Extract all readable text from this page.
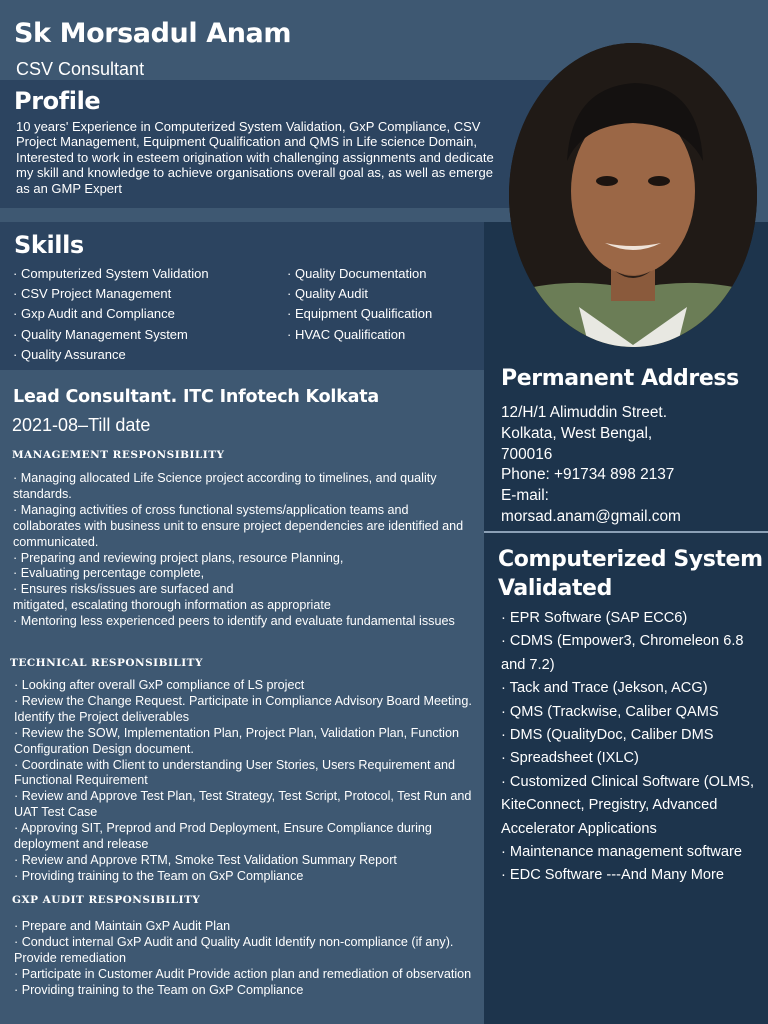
Sk Morsadul Anam

CSV Consultant

Profile

10 years' Experience in Computerized System Validation, GxP Compliance, CSV Project Management, Equipment Qualification and QMS in Life science Domain, Interested to work in esteem origination with challenging assignments and dedicate my skill and knowledge to achieve organisations overall goal as, as well as emerge as an GMP Expert

Skills
· Computerized System Validation
· CSV Project Management
· Gxp Audit and Compliance
· Quality Management System
· Quality Assurance
· Quality Documentation
· Quality Audit
· Equipment Qualification
· HVAC Qualification
Lead Consultant. ITC Infotech Kolkata

2021-08–Till date

MANAGEMENT RESPONSIBILITY
· Managing allocated Life Science project according to timelines, and quality standards.
· Managing activities of cross functional systems/application teams and collaborates with business unit to ensure project dependencies are identified and communicated.
· Preparing and reviewing project plans, resource Planning,
· Evaluating percentage complete,
· Ensures risks/issues are surfaced and
mitigated, escalating thorough information as appropriate
· Mentoring less experienced peers to identify and evaluate fundamental issues
TECHNICAL RESPONSIBILITY
· Looking after overall GxP compliance of LS project
· Review the Change Request. Participate in Compliance Advisory Board Meeting. Identify the Project deliverables
· Review the SOW, Implementation Plan, Project Plan, Validation Plan, Function Configuration Design document.
· Coordinate with Client to understanding User Stories, Users Requirement and Functional Requirement
· Review and Approve Test Plan, Test Strategy, Test Script, Protocol, Test Run and UAT Test Case
· Approving SIT, Preprod and Prod Deployment, Ensure Compliance during deployment and release
· Review and Approve RTM, Smoke Test Validation Summary Report
· Providing training to the Team on GxP Compliance
GXP AUDIT RESPONSIBILITY
· Prepare and Maintain GxP Audit Plan
· Conduct internal GxP Audit and Quality Audit Identify non-compliance (if any). Provide remediation
· Participate in Customer Audit Provide action plan and remediation of observation
· Providing training to the Team on GxP Compliance
Permanent Address
12/H/1 Alimuddin Street.
Kolkata, West Bengal,
700016
Phone: +91734 898 2137
E-mail:
morsad.anam@gmail.com
Computerized System Validated
· EPR Software (SAP ECC6)
· CDMS (Empower3, Chromeleon 6.8 and 7.2)
· Tack and Trace (Jekson, ACG)
· QMS (Trackwise, Caliber QAMS
· DMS (QualityDoc, Caliber DMS
· Spreadsheet (IXLC)
· Customized Clinical Software (OLMS, KiteConnect, Pregistry, Advanced Accelerator Applications
· Maintenance management software
· EDC Software ---And Many More
